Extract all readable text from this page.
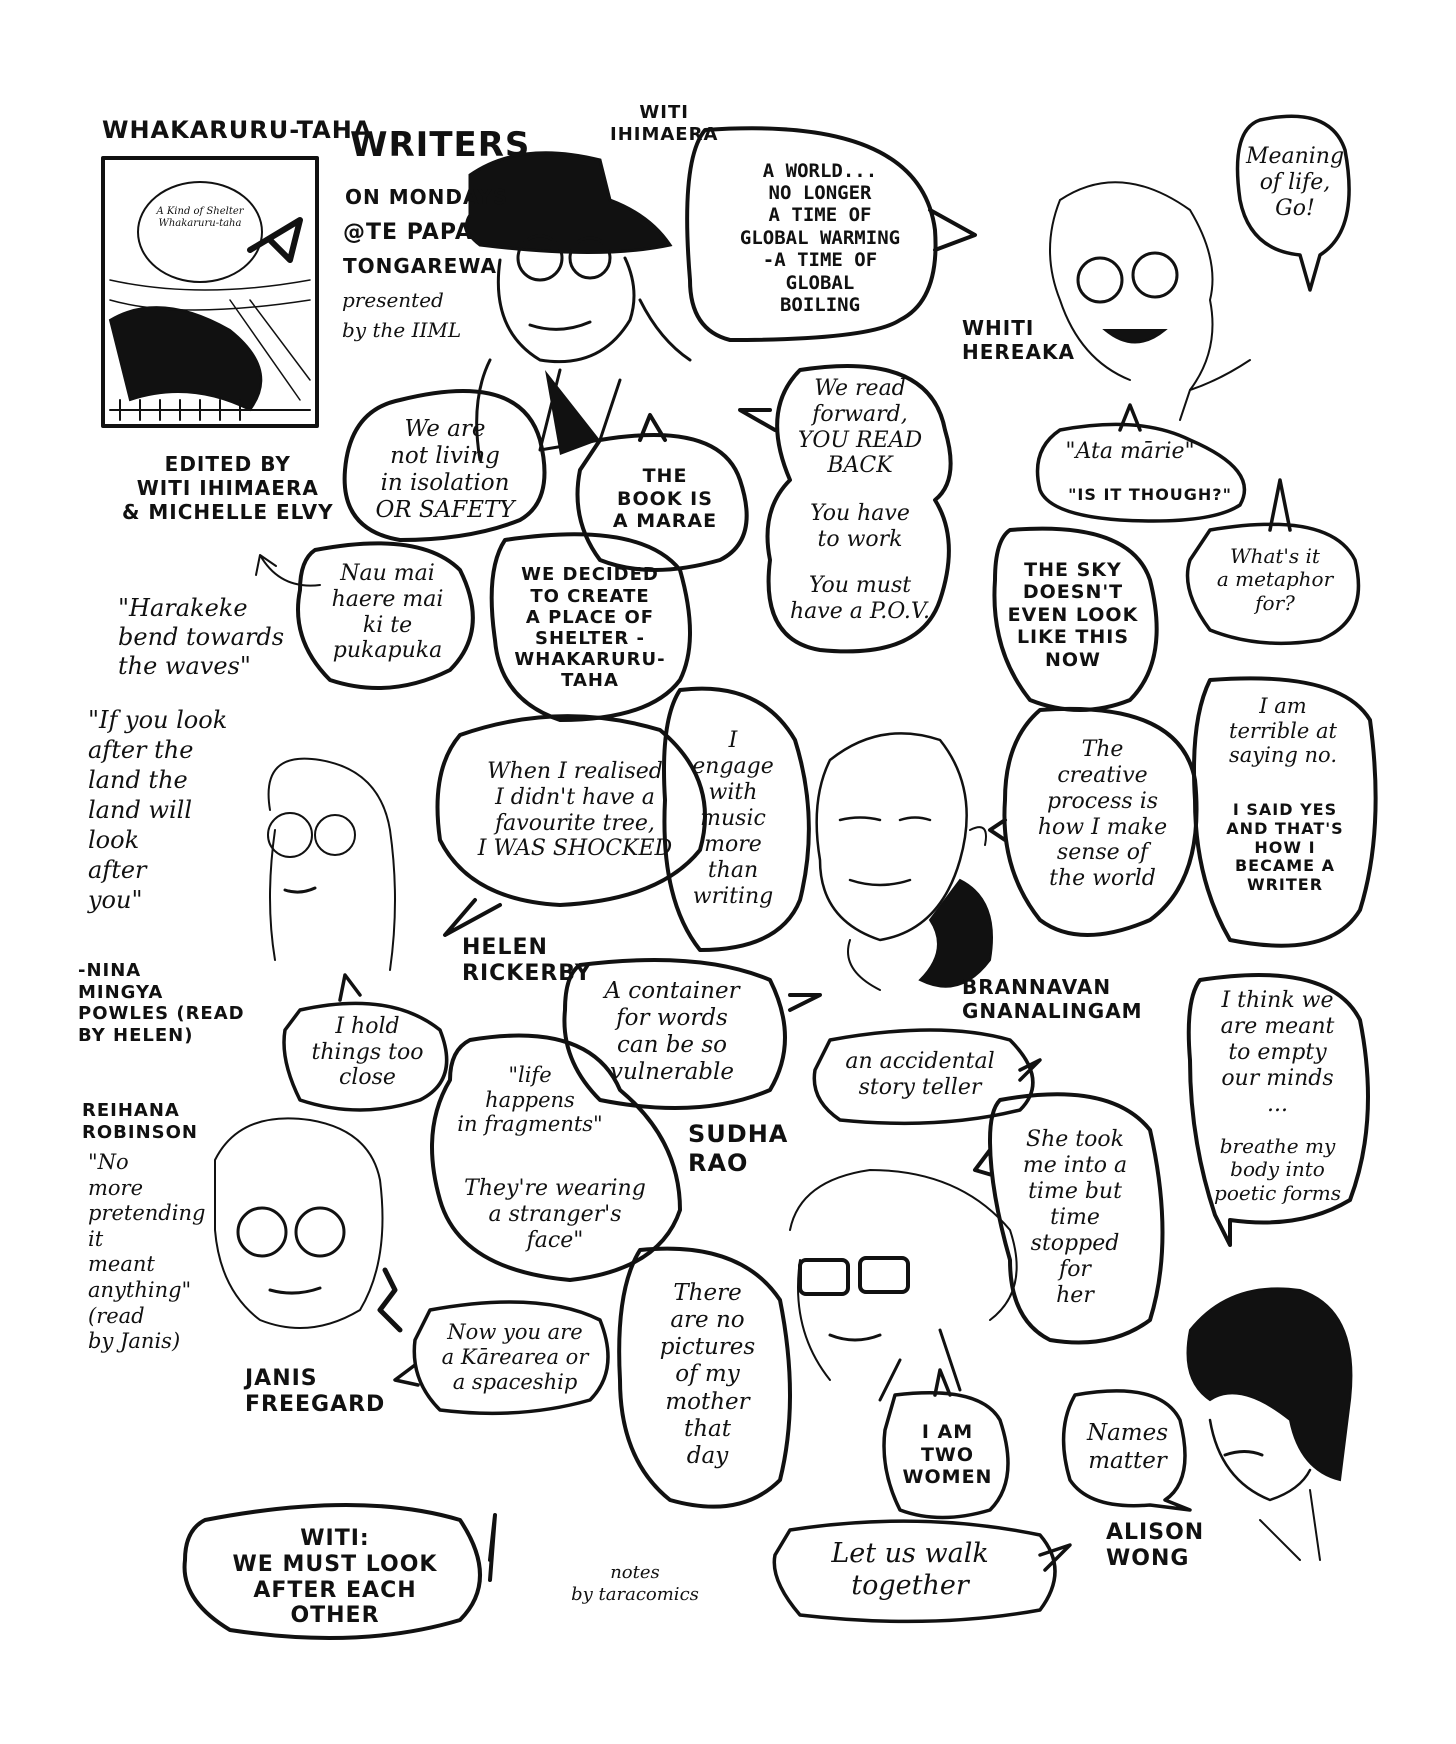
WHAKARURU-TAHA
A Kind of Shelter Whakaruru-taha
EDITED BY
WITI IHIMAERA
& MICHELLE ELVY
WRITERS
ON MONDAYS
@TE PAPA
TONGAREWA
presented
by the IIML
WITI
IHIMAERA
WHITI
HEREAKA
HELEN
RICKERBY
BRANNAVAN
GNANALINGAM
REIHANA
ROBINSON	SUDHA
RAO
JANIS
FREEGARD
ALISON
WONG
A WORLD...
NO LONGER
A TIME OF
GLOBAL WARMING
-A TIME OF
GLOBAL
BOILING
Meaning
of life,
Go!
We are
not living
in isolation
OR SAFETY
THE
BOOK IS
A MARAE
We read
forward,
YOU READ
BACK
You have
to work
You must
have a P.O.V.
"Ata mārie"
"IS IT THOUGH?"
Nau mai
haere mai
ki te
pukapuka
WE DECIDED
TO CREATE
A PLACE OF
SHELTER -
WHAKARURU-
TAHA
THE SKY
DOESN'T
EVEN LOOK
LIKE THIS
NOW
What's it
a metaphor
for?
"Harakeke
bend towards
the waves"
"If you look
after the
land the
land will
look
after
you"
-NINA
MINGYA
POWLES (READ
BY HELEN)
When I realised
I didn't have a
favourite tree,
I WAS SHOCKED
I
engage
with
music
more
than
writing
The
creative
process is
how I make
sense of
the world
I am
terrible at
saying no.
I SAID YES
AND THAT'S
HOW I
BECAME A
WRITER
A container
for words
can be so
vulnerable
I hold
things too
close	"life
happens
in fragments"
They're wearing
a stranger's
face"
I think we
are meant
to empty
our minds
...
breathe my
body into
poetic forms
an accidental
story teller
She took
me into a
time but
time
stopped
for
her
"No
more
pretending
it
meant
anything"
(read
by Janis)	Now you are
a Kārearea or
a spaceship
There
are no
pictures
of my
mother
that
day
I AM
TWO
WOMEN
Names
matter
WITI:
WE MUST LOOK
AFTER EACH
OTHER
Let us walk
together
notes
by taracomics
